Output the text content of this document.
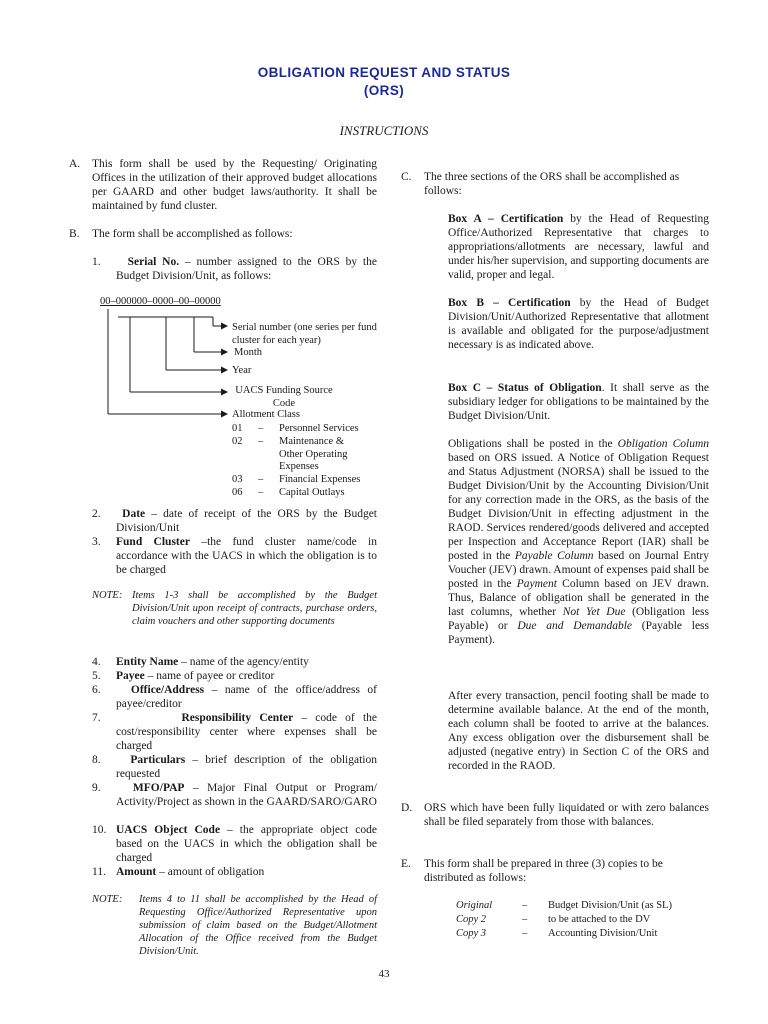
OBLIGATION REQUEST AND STATUS
(ORS)
INSTRUCTIONS
A. This form shall be used by the Requesting/ Originating Offices in the utilization of their approved budget allocations per GAARD and other budget laws/authority. It shall be maintained by fund cluster.
B. The form shall be accomplished as follows:
1.	Serial No. – number assigned to the ORS by the Budget Division/Unit, as follows:
00–000000–0000–00–00000
Serial number (one series per fund cluster for each year)
Month
Year
UACS Funding Source Code
Allotment Class
01 – Personnel Services
02 – Maintenance & Other Operating Expenses
03 – Financial Expenses
06 – Capital Outlays
2.	Date – date of receipt of the ORS by the Budget Division/Unit
3. Fund Cluster –the fund cluster name/code in accordance with the UACS in which the obligation is to be charged
NOTE: Items 1-3 shall be accomplished by the Budget Division/Unit upon receipt of contracts, purchase orders, claim vouchers and other supporting documents
4. Entity Name – name of the agency/entity
5. Payee – name of payee or creditor
6.	Office/Address – name of the office/address of payee/creditor
7.	Responsibility Center – code of the cost/responsibility center where expenses shall be charged
8.	Particulars – brief description of the obligation requested
9.	MFO/PAP – Major Final Output or Program/ Activity/Project as shown in the GAARD/SARO/GARO
10. UACS Object Code – the appropriate object code based on the UACS in which the obligation shall be charged
11. Amount – amount of obligation
NOTE: Items 4 to 11 shall be accomplished by the Head of Requesting Office/Authorized Representative upon submission of claim based on the Budget/Allotment Allocation of the Office received from the Budget Division/Unit.
C. The three sections of the ORS shall be accomplished as follows:
Box A – Certification by the Head of Requesting Office/Authorized Representative that charges to appropriations/allotments are necessary, lawful and under his/her supervision, and supporting documents are valid, proper and legal.
Box B – Certification by the Head of Budget Division/Unit/Authorized Representative that allotment is available and obligated for the purpose/adjustment necessary is as indicated above.
Box C – Status of Obligation. It shall serve as the subsidiary ledger for obligations to be maintained by the Budget Division/Unit.
Obligations shall be posted in the Obligation Column based on ORS issued. A Notice of Obligation Request and Status Adjustment (NORSA) shall be issued to the Budget Division/Unit by the Accounting Division/Unit for any correction made in the ORS, as the basis of the Budget Division/Unit in effecting adjustment in the RAOD. Services rendered/goods delivered and accepted per Inspection and Acceptance Report (IAR) shall be posted in the Payable Column based on Journal Entry Voucher (JEV) drawn. Amount of expenses paid shall be posted in the Payment Column based on JEV drawn. Thus, Balance of obligation shall be generated in the last columns, whether Not Yet Due (Obligation less Payable) or Due and Demandable (Payable less Payment).
After every transaction, pencil footing shall be made to determine available balance. At the end of the month, each column shall be footed to arrive at the balances. Any excess obligation over the disbursement shall be adjusted (negative entry) in Section C of the ORS and recorded in the RAOD.
D. ORS which have been fully liquidated or with zero balances shall be filed separately from those with balances.
E. This form shall be prepared in three (3) copies to be distributed as follows:
Original	– Budget Division/Unit (as SL)
Copy 2	– to be attached to the DV
Copy 3	– Accounting Division/Unit
43
